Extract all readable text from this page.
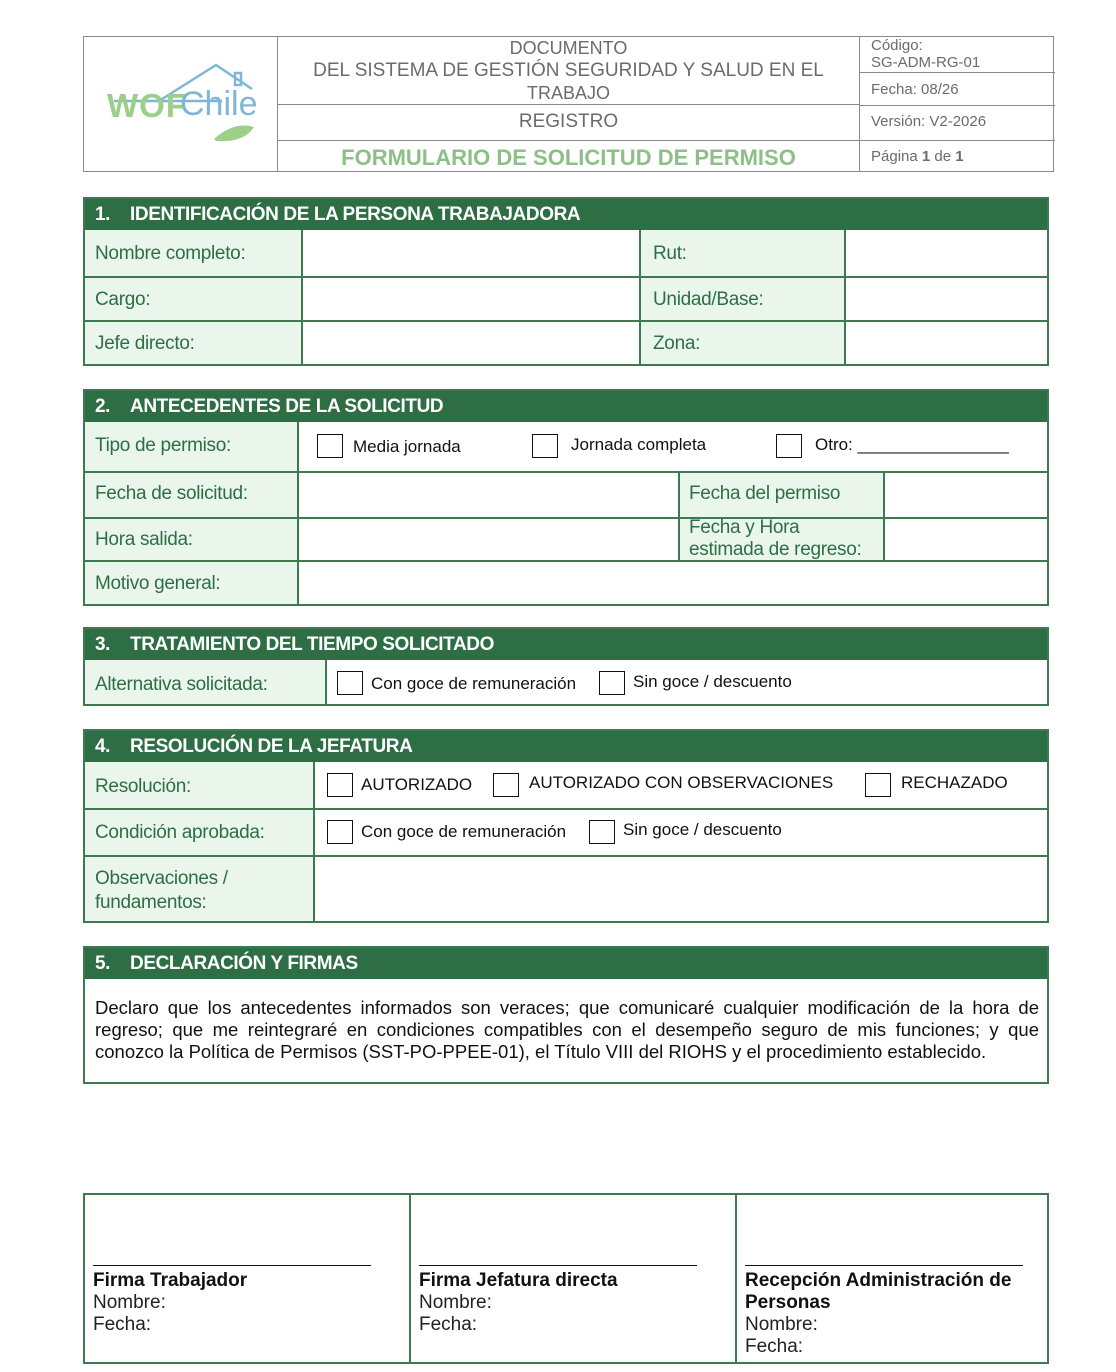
WOF
Chile
DOCUMENTO
DEL SISTEMA DE GESTIÓN SEGURIDAD Y SALUD EN EL
TRABAJO
REGISTRO
FORMULARIO DE SOLICITUD DE PERMISO
Código:
SG-ADM-RG-01
Fecha: 08/26
Versión: V2-2026
Página 1 de 1
1. IDENTIFICACIÓN DE LA PERSONA TRABAJADORA
Nombre completo:	Rut:
Cargo:	Unidad/Base:
Jefe directo:	Zona:
2. ANTECEDENTES DE LA SOLICITUD
Tipo de permiso:	Media jornada	Jornada completa	Otro: ________________
Fecha de solicitud:	Fecha del permiso
Hora salida:
Fecha y Hora
estimada de regreso:
Motivo general:
3. TRATAMIENTO DEL TIEMPO SOLICITADO
Alternativa solicitada:	Con goce de remuneración	Sin goce / descuento
4. RESOLUCIÓN DE LA JEFATURA
Resolución:	AUTORIZADO	AUTORIZADO CON OBSERVACIONES	RECHAZADO
Condición aprobada:	Con goce de remuneración	Sin goce / descuento
Observaciones /
fundamentos:
5. DECLARACIÓN Y FIRMAS
Declaro que los antecedentes informados son veraces; que comunicaré cualquier modificación de la hora de regreso; que me reintegraré en condiciones compatibles con el desempeño seguro de mis funciones; y que conozco la Política de Permisos (SST-PO-PPEE-01), el Título VIII del RIOHS y el procedimiento establecido.
Firma Trabajador
Nombre:
Fecha:
Firma Jefatura directa
Nombre:
Fecha:
Recepción Administración de
Personas
Nombre:
Fecha:
